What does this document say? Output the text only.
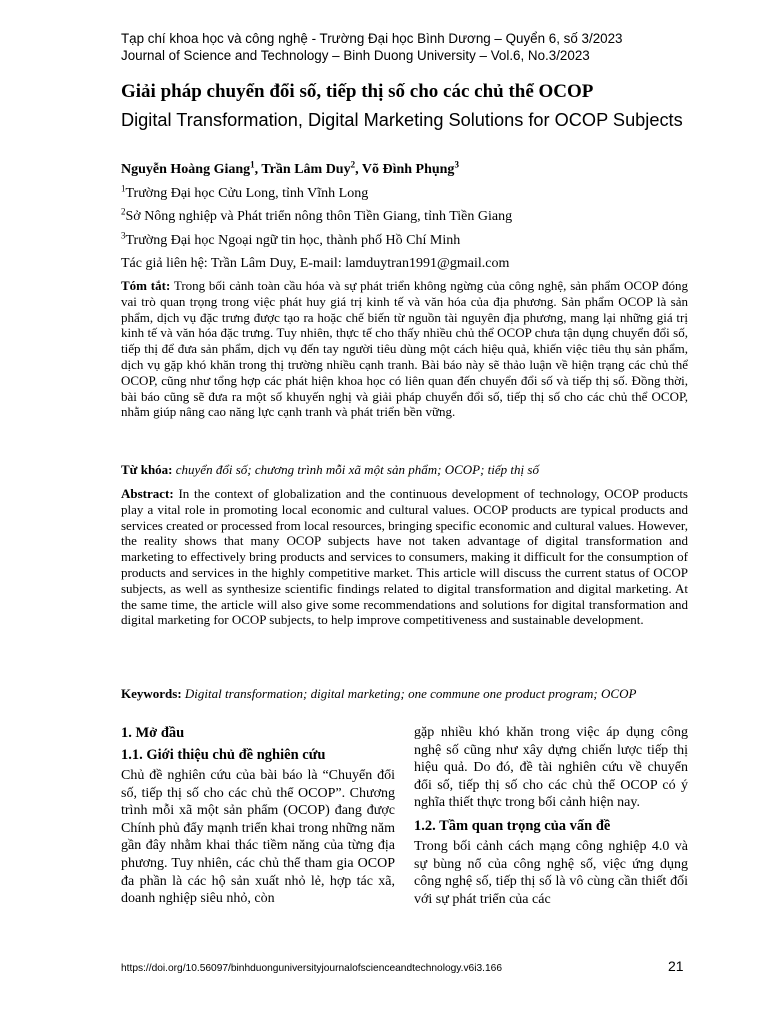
Tạp chí khoa học và công nghệ - Trường Đại học Bình Dương – Quyển 6, số 3/2023
Journal of Science and Technology – Binh Duong University – Vol.6, No.3/2023
Giải pháp chuyển đổi số, tiếp thị số cho các chủ thể OCOP
Digital Transformation, Digital Marketing Solutions for OCOP Subjects
Nguyễn Hoàng Giang$^1$, Trần Lâm Duy$^2$, Võ Đình Phụng$^3$
$^1$Trường Đại học Cửu Long, tỉnh Vĩnh Long
$^2$Sở Nông nghiệp và Phát triển nông thôn Tiền Giang, tỉnh Tiền Giang
$^3$Trường Đại học Ngoại ngữ tin học, thành phố Hồ Chí Minh
Tác giả liên hệ: Trần Lâm Duy, E-mail: lamduytran1991@gmail.com
Tóm tắt: Trong bối cảnh toàn cầu hóa và sự phát triển không ngừng của công nghệ, sản phẩm OCOP đóng vai trò quan trọng trong việc phát huy giá trị kinh tế và văn hóa của địa phương. Sản phẩm OCOP là sản phẩm, dịch vụ đặc trưng được tạo ra hoặc chế biến từ nguồn tài nguyên địa phương, mang lại những giá trị kinh tế và văn hóa đặc trưng. Tuy nhiên, thực tế cho thấy nhiều chủ thể OCOP chưa tận dụng chuyển đổi số, tiếp thị để đưa sản phẩm, dịch vụ đến tay người tiêu dùng một cách hiệu quả, khiến việc tiêu thụ sản phẩm, dịch vụ gặp khó khăn trong thị trường nhiều cạnh tranh. Bài báo này sẽ thảo luận về hiện trạng các chủ thể OCOP, cũng như tổng hợp các phát hiện khoa học có liên quan đến chuyển đổi số và tiếp thị số. Đồng thời, bài báo cũng sẽ đưa ra một số khuyến nghị và giải pháp chuyển đổi số, tiếp thị số cho các chủ thể OCOP, nhằm giúp nâng cao năng lực cạnh tranh và phát triển bền vững.
Từ khóa: chuyển đổi số; chương trình mỗi xã một sản phẩm; OCOP; tiếp thị số
Abstract: In the context of globalization and the continuous development of technology, OCOP products play a vital role in promoting local economic and cultural values. OCOP products are typical products and services created or processed from local resources, bringing specific economic and cultural values. However, the reality shows that many OCOP subjects have not taken advantage of digital transformation and marketing to effectively bring products and services to consumers, making it difficult for the consumption of products and services in the highly competitive market. This article will discuss the current status of OCOP subjects, as well as synthesize scientific findings related to digital transformation and digital marketing. At the same time, the article will also give some recommendations and solutions for digital transformation and digital marketing for OCOP subjects, to help improve competitiveness and sustainable development.
Keywords: Digital transformation; digital marketing; one commune one product program; OCOP
1. Mở đầu
1.1. Giới thiệu chủ đề nghiên cứu

Chủ đề nghiên cứu của bài báo là “Chuyển đổi số, tiếp thị số cho các chủ thể OCOP”. Chương trình mỗi xã một sản phẩm (OCOP) đang được Chính phủ đẩy mạnh triển khai trong những năm gần đây nhằm khai thác tiềm năng của từng địa phương. Tuy nhiên, các chủ thể tham gia OCOP đa phần là các hộ sản xuất nhỏ lẻ, hợp tác xã, doanh nghiệp siêu nhỏ, còn

gặp nhiều khó khăn trong việc áp dụng công nghệ số cũng như xây dựng chiến lược tiếp thị hiệu quả. Do đó, đề tài nghiên cứu về chuyển đổi số, tiếp thị số cho các chủ thể OCOP có ý nghĩa thiết thực trong bối cảnh hiện nay.

1.2. Tầm quan trọng của vấn đề

Trong bối cảnh cách mạng công nghiệp 4.0 và sự bùng nổ của công nghệ số, việc ứng dụng công nghệ số, tiếp thị số là vô cùng cần thiết đối với sự phát triển của các

https://doi.org/10.56097/binhduonguniversityjournalofscienceandtechnology.v6i3.166	21
